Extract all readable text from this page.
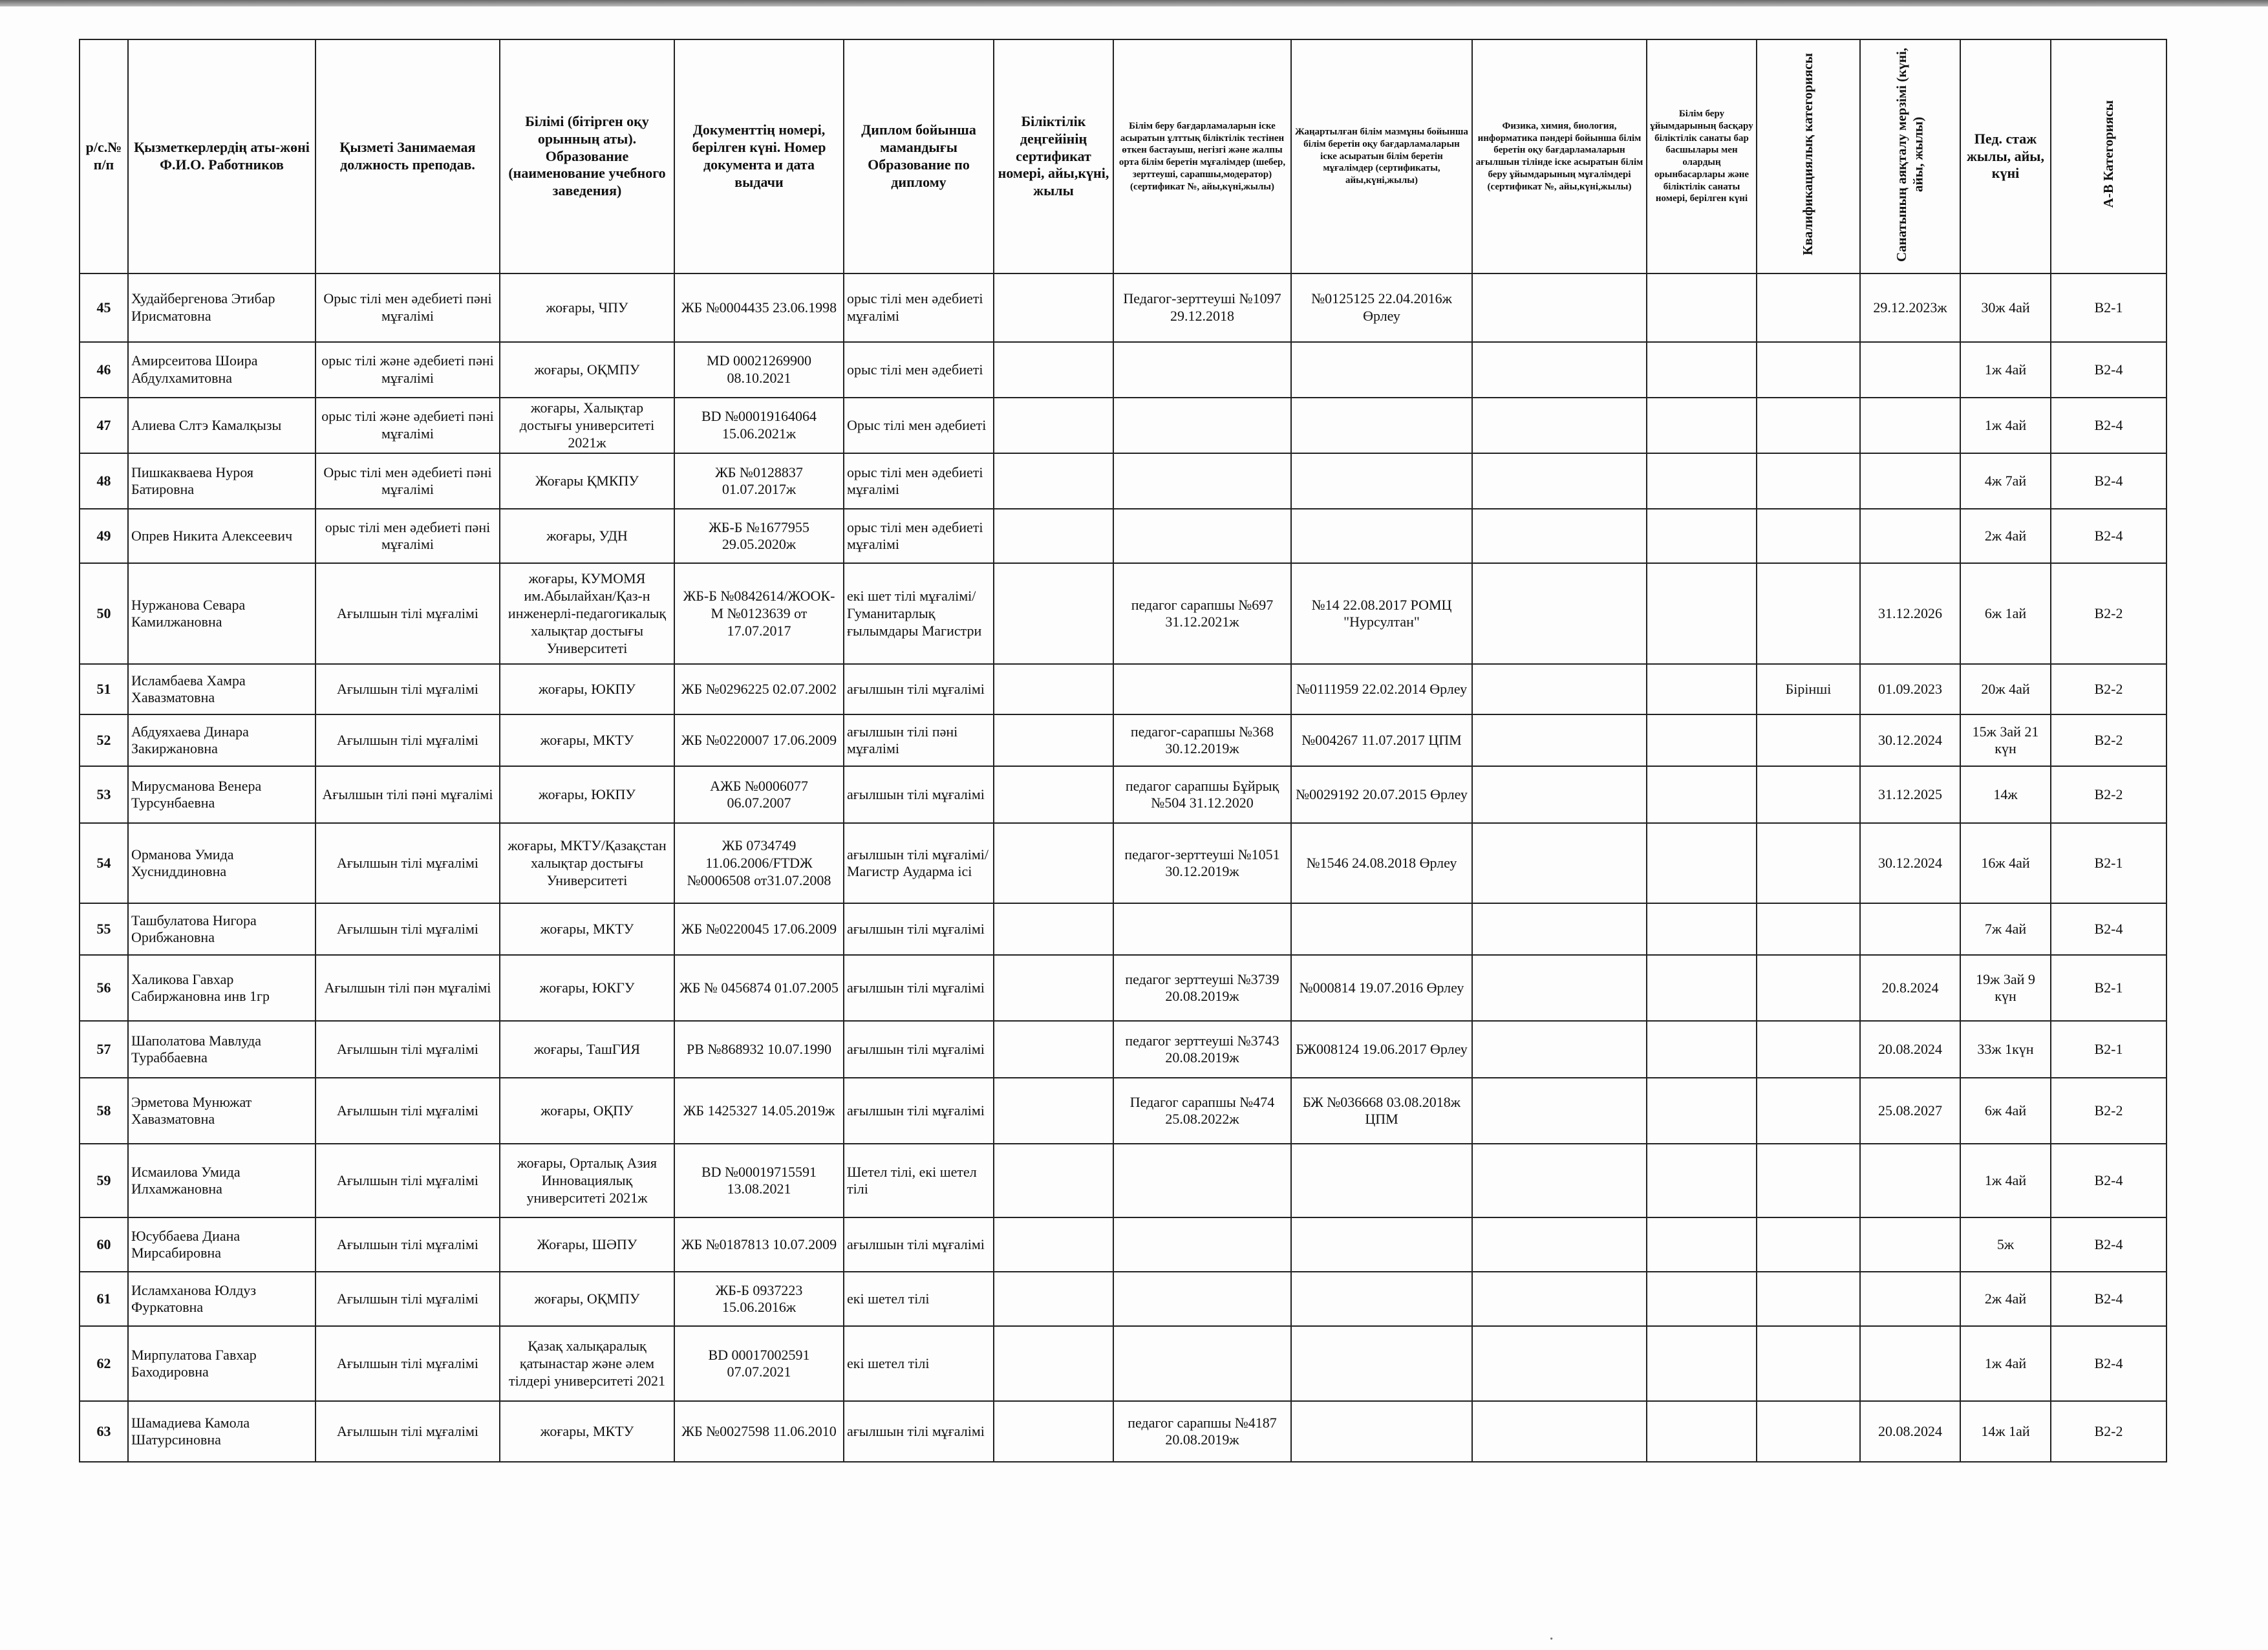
р/с.№ п/п	Қызметкерлердің аты-жөні Ф.И.О. Работников	Қызметі Занимаемая должность преподав.	Білімі (бітірген оқу орынның аты). Образование (наименование учебного заведения)	Документтің номері, берілген күні. Номер документа и дата выдачи	Диплом бойынша мамандығы Образование по диплому	Біліктілік деңгейінің сертификат номері, айы,күні, жылы	Білім беру бағдарламаларын іске асыратын ұлттық біліктілік тестінен өткен бастауыш, негізгі және жалпы орта білім беретін мұғалімдер (шебер, зерттеуші, сарапшы,модератор)(сертификат №, айы,күні,жылы)	Жаңартылған білім мазмұны бойынша білім беретін оқу бағдарламаларын іске асыратын білім беретін мұғалімдер (сертификаты, айы,күні,жылы)	Физика, химия, биология, информатика пәндері бойынша білім беретін оқу бағдарламаларын ағылшын тілінде іске асыратын білім беру ұйымдарының мұғалімдері (сертификат №, айы,күні,жылы)	Білім беру ұйымдарының басқару біліктілік санаты бар басшылары мен олардың орынбасарлары және біліктілік санаты номері, берілген күні	Квалификациялық категориясы	Санатының аяқталу мерзімі (күні, айы, жылы)	Пед. стаж жылы, айы, күні	А-В Категориясы
45	Худайбергенова Этибар Ирисматовна	Орыс тілі мен әдебиеті пәні мұғалімі	жоғары, ЧПУ	ЖБ №0004435 23.06.1998	орыс тілі мен әдебиеті мұғалімі		Педагог-зерттеуші №1097 29.12.2018	№0125125 22.04.2016ж Өрлеу				29.12.2023ж	30ж 4ай	В2-1
46	Амирсеитова Шоира Абдулхамитовна	орыс тілі және әдебиеті пәні мұғалімі	жоғары, ОҚМПУ	MD 00021269900 08.10.2021	орыс тілі мен әдебиеті								1ж 4ай	В2-4
47	Алиева Слтэ Камалқызы	орыс тілі және әдебиеті пәні мұғалімі	жоғары, Халықтар достығы университеті 2021ж	BD №00019164064 15.06.2021ж	Орыс тілі мен әдебиеті								1ж 4ай	В2-4
48	Пишкакваева Нуроя Батировна	Орыс тілі мен әдебиеті пәні мұғалімі	Жоғары ҚМКПУ	ЖБ №0128837 01.07.2017ж	орыс тілі мен әдебиеті мұғалімі								4ж 7ай	В2-4
49	Опрев Никита Алексеевич	орыс тілі мен әдебиеті пәні мұғалімі	жоғары, УДН	ЖБ-Б №1677955 29.05.2020ж	орыс тілі мен әдебиеті мұғалімі								2ж 4ай	В2-4
50	Нуржанова Севара Камилжановна	Ағылшын тілі мұғалімі	жоғары, КУМОМЯ им.Абылайхан/Қаз-н инженерлі-педагогикалық халықтар достығы Университеті	ЖБ-Б №0842614/ЖООК-М №0123639 от 17.07.2017	екі шет тілі мұғалімі/Гуманитарлық ғылымдары Магистри		педагог сарапшы №697 31.12.2021ж	№14 22.08.2017 РОМЦ "Нурсултан"				31.12.2026	6ж 1ай	В2-2
51	Исламбаева Хамра Хавазматовна	Ағылшын тілі мұғалімі	жоғары, ЮКПУ	ЖБ №0296225 02.07.2002	ағылшын тілі мұғалімі			№0111959 22.02.2014 Өрлеу			Бірінші	01.09.2023	20ж 4ай	В2-2
52	Абдуяхаева Динара Закиржановна	Ағылшын тілі мұғалімі	жоғары, МКТУ	ЖБ №0220007 17.06.2009	ағылшын тілі пәні мұғалімі		педагог-сарапшы №368 30.12.2019ж	№004267 11.07.2017 ЦПМ				30.12.2024	15ж 3ай 21 күн	В2-2
53	Мирусманова Венера Турсунбаевна	Ағылшын тілі пәні мұғалімі	жоғары, ЮКПУ	АЖБ №0006077 06.07.2007	ағылшын тілі мұғалімі		педагог сарапшы Бұйрық №504 31.12.2020	№0029192 20.07.2015 Өрлеу				31.12.2025	14ж	В2-2
54	Орманова Умида Хусниддиновна	Ағылшын тілі мұғалімі	жоғары, МКТУ/Қазақстан халықтар достығы Университеті	ЖБ 0734749 11.06.2006/FTDЖ №0006508 от31.07.2008	ағылшын тілі мұғалімі/Магистр Аударма ісі		педагог-зерттеуші №1051 30.12.2019ж	№1546 24.08.2018 Өрлеу				30.12.2024	16ж 4ай	В2-1
55	Ташбулатова Нигора Орибжановна	Ағылшын тілі мұғалімі	жоғары, МКТУ	ЖБ №0220045 17.06.2009	ағылшын тілі мұғалімі								7ж 4ай	В2-4
56	Халикова Гавхар Сабиржановна инв 1гр	Ағылшын тілі пән мұғалімі	жоғары, ЮКГУ	ЖБ № 0456874 01.07.2005	ағылшын тілі мұғалімі		педагог зерттеуші №3739 20.08.2019ж	№000814 19.07.2016 Өрлеу				20.8.2024	19ж 3ай 9 күн	В2-1
57	Шаполатова Мавлуда Тураббаевна	Ағылшын тілі мұғалімі	жоғары, ТашГИЯ	РВ №868932 10.07.1990	ағылшын тілі мұғалімі		педагог зерттеуші №3743 20.08.2019ж	БЖ008124 19.06.2017 Өрлеу				20.08.2024	33ж 1күн	В2-1
58	Эрметова Мунюжат Хавазматовна	Ағылшын тілі мұғалімі	жоғары, ОҚПУ	ЖБ 1425327 14.05.2019ж	ағылшын тілі мұғалімі		Педагог сарапшы №474 25.08.2022ж	БЖ №036668 03.08.2018ж ЦПМ				25.08.2027	6ж 4ай	В2-2
59	Исмаилова Умида Илхамжановна	Ағылшын тілі мұғалімі	жоғары, Орталық Азия Инновациялық университеті 2021ж	BD №00019715591 13.08.2021	Шетел тілі, екі шетел тілі								1ж 4ай	В2-4
60	Юсуббаева Диана Мирсабировна	Ағылшын тілі мұғалімі	Жоғары, ШӘПУ	ЖБ №0187813 10.07.2009	ағылшын тілі мұғалімі								5ж	В2-4
61	Исламханова Юлдуз Фуркатовна	Ағылшын тілі мұғалімі	жоғары, ОҚМПУ	ЖБ-Б 0937223 15.06.2016ж	екі шетел тілі								2ж 4ай	В2-4
62	Мирпулатова Гавхар Баходировна	Ағылшын тілі мұғалімі	Қазақ халықаралық қатынастар және әлем тілдері университеті 2021	BD 00017002591 07.07.2021	екі шетел тілі								1ж 4ай	В2-4
63	Шамадиева Камола Шатурсиновна	Ағылшын тілі мұғалімі	жоғары, МКТУ	ЖБ №0027598 11.06.2010	ағылшын тілі мұғалімі		педагог сарапшы №4187 20.08.2019ж					20.08.2024	14ж 1ай	В2-2
·
